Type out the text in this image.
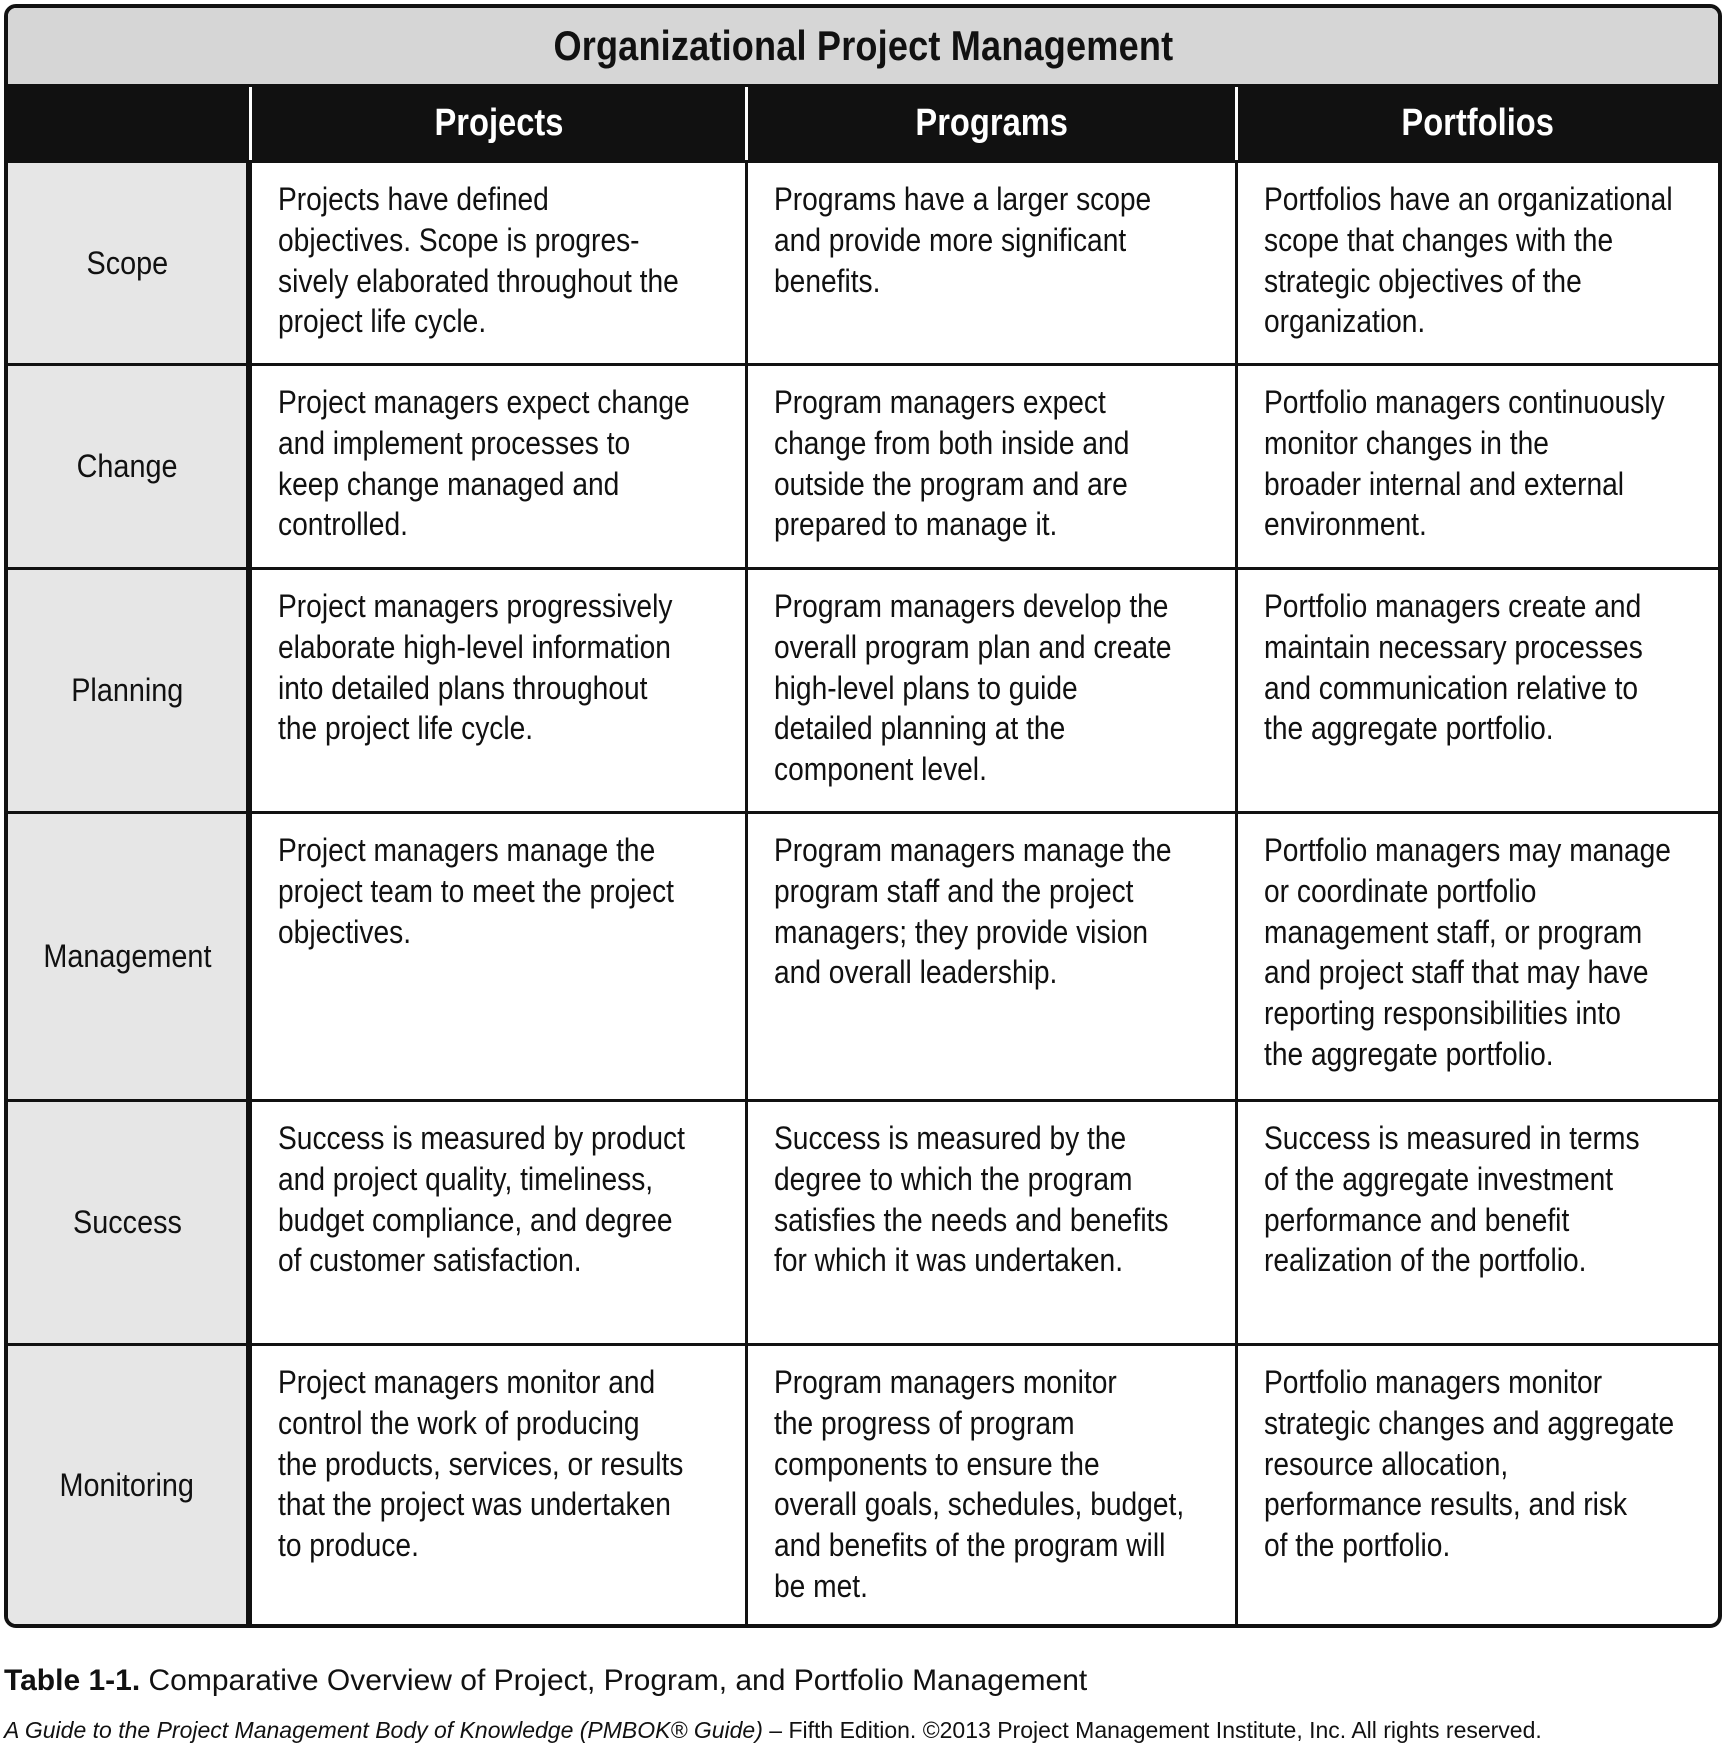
Organizational Project Management
Projects	Programs	Portfolios
Scope
Projects have defined
objectives. Scope is progres-
sively elaborated throughout the
project life cycle.
Programs have a larger scope
and provide more significant
benefits.
Portfolios have an organizational
scope that changes with the
strategic objectives of the
organization.
Change
Project managers expect change
and implement processes to
keep change managed and
controlled.
Program managers expect
change from both inside and
outside the program and are
prepared to manage it.
Portfolio managers continuously
monitor changes in the
broader internal and external
environment.
Planning
Project managers progressively
elaborate high-level information
into detailed plans throughout
the project life cycle.
Program managers develop the
overall program plan and create
high-level plans to guide
detailed planning at the
component level.
Portfolio managers create and
maintain necessary processes
and communication relative to
the aggregate portfolio.
Management
Project managers manage the
project team to meet the project
objectives.
Program managers manage the
program staff and the project
managers; they provide vision
and overall leadership.
Portfolio managers may manage
or coordinate portfolio
management staff, or program
and project staff that may have
reporting responsibilities into
the aggregate portfolio.
Success
Success is measured by product
and project quality, timeliness,
budget compliance, and degree
of customer satisfaction.
Success is measured by the
degree to which the program
satisfies the needs and benefits
for which it was undertaken.
Success is measured in terms
of the aggregate investment
performance and benefit
realization of the portfolio.
Monitoring
Project managers monitor and
control the work of producing
the products, services, or results
that the project was undertaken
to produce.
Program managers monitor
the progress of program
components to ensure the
overall goals, schedules, budget,
and benefits of the program will
be met.
Portfolio managers monitor
strategic changes and aggregate
resource allocation,
performance results, and risk
of the portfolio.
Table 1-1. Comparative Overview of Project, Program, and Portfolio Management
A Guide to the Project Management Body of Knowledge (PMBOK® Guide) – Fifth Edition. ©2013 Project Management Institute, Inc. All rights reserved.
